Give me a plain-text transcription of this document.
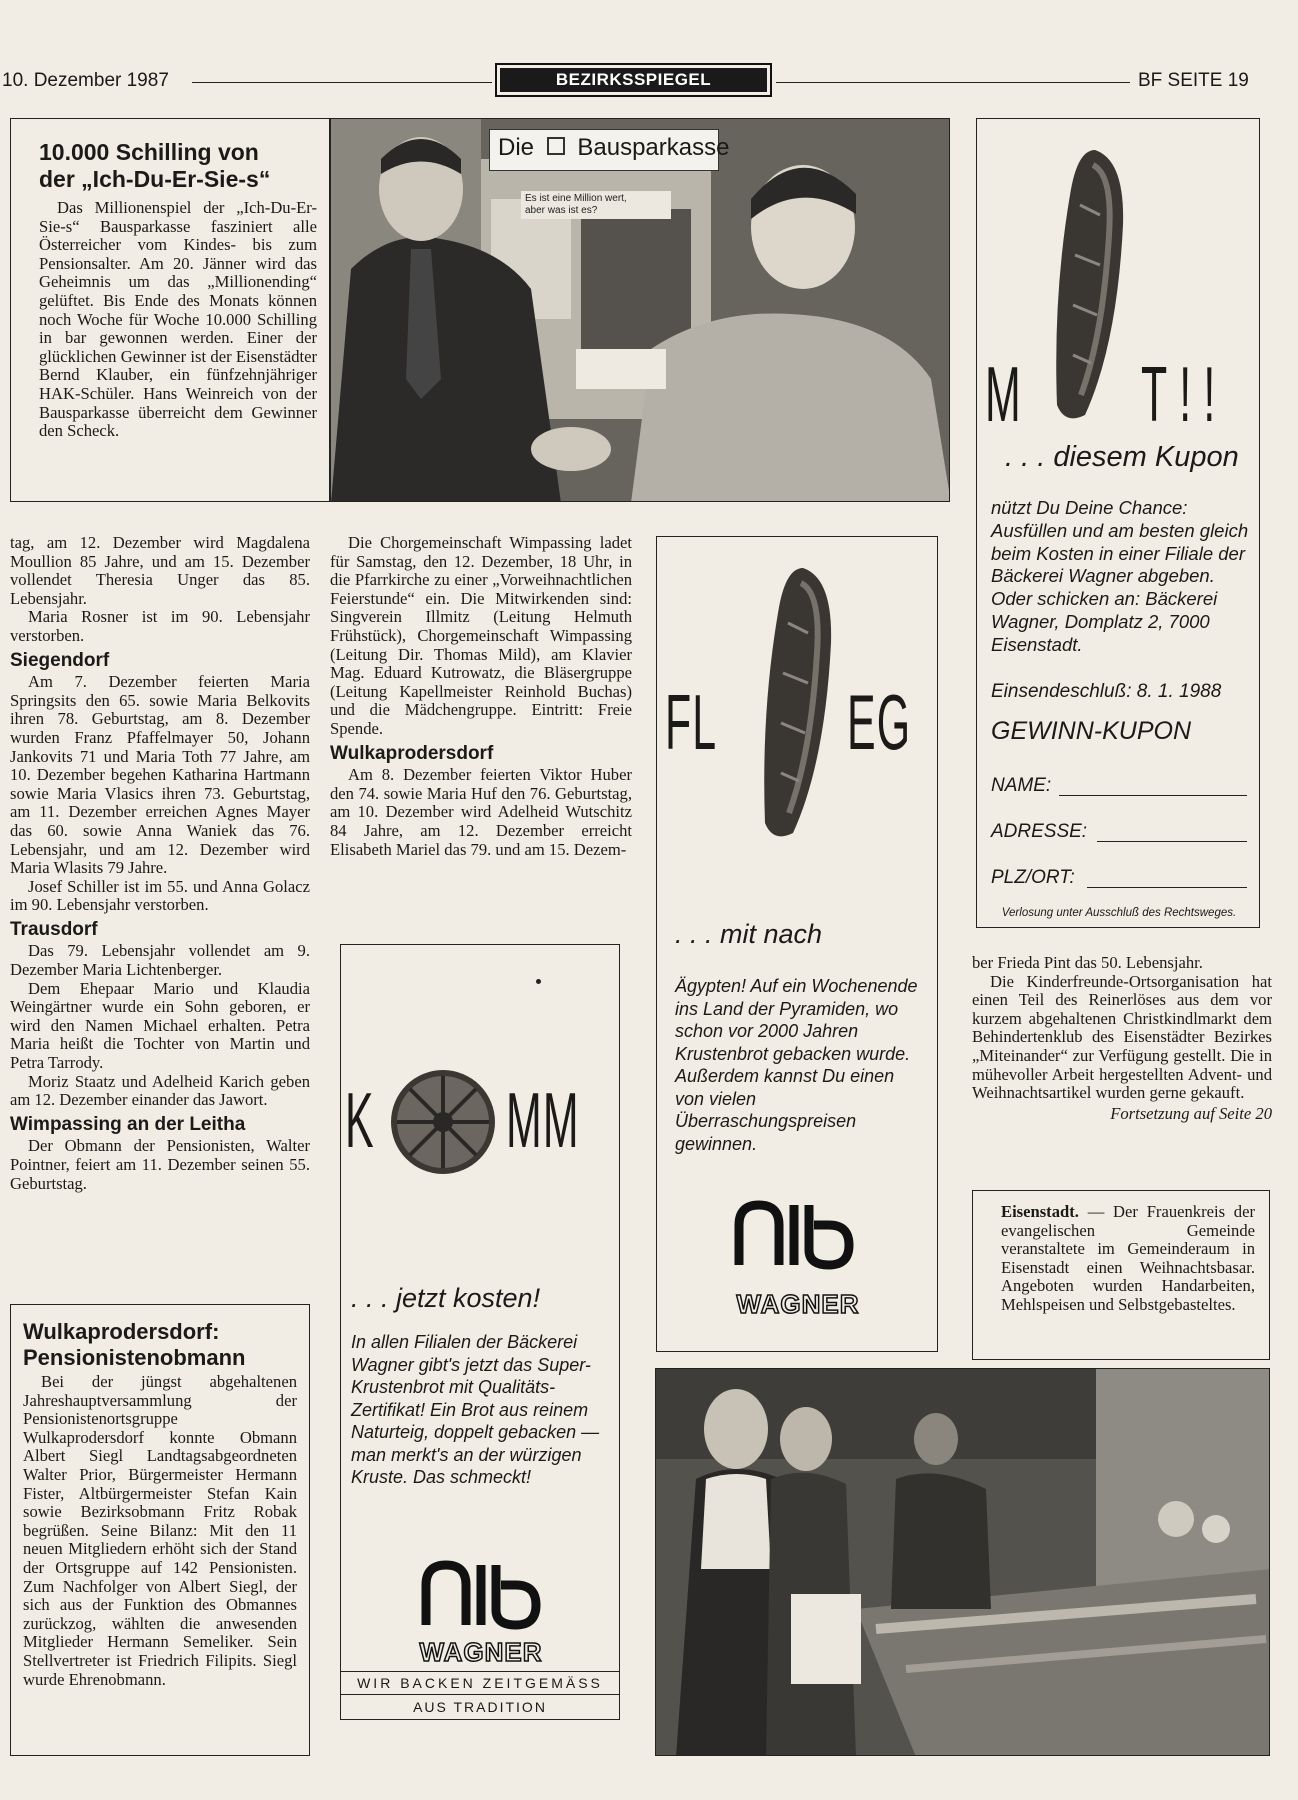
10. Dezember 1987	BEZIRKSSPIEGEL	BF SEITE 19
10.000 Schilling von
der „Ich-Du-Er-Sie-s“

Das Millionenspiel der „Ich-Du-Er-Sie-s“ Bausparkasse fasziniert alle Österreicher vom Kindes- bis zum Pensionsalter. Am 20. Jänner wird das Geheimnis um das „Millionending“ gelüftet. Bis Ende des Monats können noch Woche für Woche 10.000 Schilling in bar gewonnen werden. Einer der glücklichen Gewinner ist der Eisenstädter Bernd Klauber, ein fünfzehnjähriger HAK-Schüler. Hans Weinreich von der Bausparkasse überreicht dem Gewinner den Scheck.

Die Bausparkasse
Es ist eine Million wert,
aber was ist es?

tag, am 12. Dezember wird Magdalena Moullion 85 Jahre, und am 15. Dezember vollendet Theresia Unger das 85. Lebensjahr.

Maria Rosner ist im 90. Lebensjahr verstorben.

Siegendorf

Am 7. Dezember feierten Maria Springsits den 65. sowie Maria Belkovits ihren 78. Geburtstag, am 8. Dezember wurden Franz Pfaffelmayer 50, Johann Jankovits 71 und Maria Toth 77 Jahre, am 10. Dezember begehen Katharina Hartmann sowie Maria Vlasics ihren 73. Geburtstag, am 11. Dezember erreichen Agnes Mayer das 60. sowie Anna Waniek das 76. Lebensjahr, und am 12. Dezember wird Maria Wlasits 79 Jahre.

Josef Schiller ist im 55. und Anna Golacz im 90. Lebensjahr verstorben.

Trausdorf

Das 79. Lebensjahr vollendet am 9. Dezember Maria Lichtenberger.

Dem Ehepaar Mario und Klaudia Weingärtner wurde ein Sohn geboren, er wird den Namen Michael erhalten. Petra Maria heißt die Tochter von Martin und Petra Tarrody.

Moriz Staatz und Adelheid Karich geben am 12. Dezember einander das Jawort.

Wimpassing an der Leitha

Der Obmann der Pensionisten, Walter Pointner, feiert am 11. Dezember seinen 55. Geburtstag.

Wulkaprodersdorf:
Pensionistenobmann

Bei der jüngst abgehaltenen Jahreshauptversammlung der Pensionistenortsgruppe Wulkaprodersdorf konnte Obmann Albert Siegl Landtagsabgeordneten Walter Prior, Bürgermeister Hermann Fister, Altbürgermeister Stefan Kain sowie Bezirksobmann Fritz Robak begrüßen. Seine Bilanz: Mit den 11 neuen Mitgliedern erhöht sich der Stand der Ortsgruppe auf 142 Pensionisten. Zum Nachfolger von Albert Siegl, der sich aus der Funktion des Obmannes zurückzog, wählten die anwesenden Mitglieder Hermann Semeliker. Sein Stellvertreter ist Friedrich Filipits. Siegl wurde Ehrenobmann.

Die Chorgemeinschaft Wimpassing ladet für Samstag, den 12. Dezember, 18 Uhr, in die Pfarrkirche zu einer „Vorweihnachtlichen Feierstunde“ ein. Die Mitwirkenden sind: Singverein Illmitz (Leitung Helmuth Frühstück), Chorgemeinschaft Wimpassing (Leitung Dir. Thomas Mild), am Klavier Mag. Eduard Kutrowatz, die Bläsergruppe (Leitung Kapellmeister Reinhold Buchas) und die Mädchengruppe. Eintritt: Freie Spende.

Wulkaprodersdorf

Am 8. Dezember feierten Viktor Huber den 74. sowie Maria Huf den 76. Geburtstag, am 10. Dezember wird Adelheid Wutschitz 84 Jahre, am 12. Dezember erreicht Elisabeth Mariel das 79. und am 15. Dezem-

K MM
. . . jetzt kosten!
In allen Filialen der Bäckerei Wagner gibt's jetzt das Super-Krustenbrot mit Qualitäts-Zertifikat! Ein Brot aus reinem Naturteig, doppelt gebacken — man merkt's an der würzigen Kruste. Das schmeckt!
WAGNER
WIR BACKEN ZEITGEMÄSS
AUS TRADITION
FL EG
. . . mit nach
Ägypten! Auf ein Wochenende ins Land der Pyramiden, wo schon vor 2000 Jahren Krustenbrot gebacken wurde. Außerdem kannst Du einen von vielen Überraschungspreisen gewinnen.
WAGNER
M T!!
. . . diesem Kupon
nützt Du Deine Chance: Ausfüllen und am besten gleich beim Kosten in einer Filiale der Bäckerei Wagner abgeben. Oder schicken an: Bäckerei Wagner, Domplatz 2, 7000 Eisenstadt.
Einsendeschluß: 8. 1. 1988
GEWINN-KUPON
NAME:
ADRESSE:
PLZ/ORT:
Verlosung unter Ausschluß des Rechtsweges.

ber Frieda Pint das 50. Lebensjahr.

Die Kinderfreunde-Ortsorganisation hat einen Teil des Reinerlöses aus dem vor kurzem abgehaltenen Christkindlmarkt dem Behindertenklub des Eisenstädter Bezirkes „Miteinander“ zur Verfügung gestellt. Die in mühevoller Arbeit hergestellten Advent- und Weihnachtsartikel wurden gerne gekauft.

Fortsetzung auf Seite 20
Eisenstadt. — Der Frauenkreis der evangelischen Gemeinde veranstaltete im Gemeinderaum in Eisenstadt einen Weihnachtsbasar. Angeboten wurden Handarbeiten, Mehlspeisen und Selbstgebasteltes.
